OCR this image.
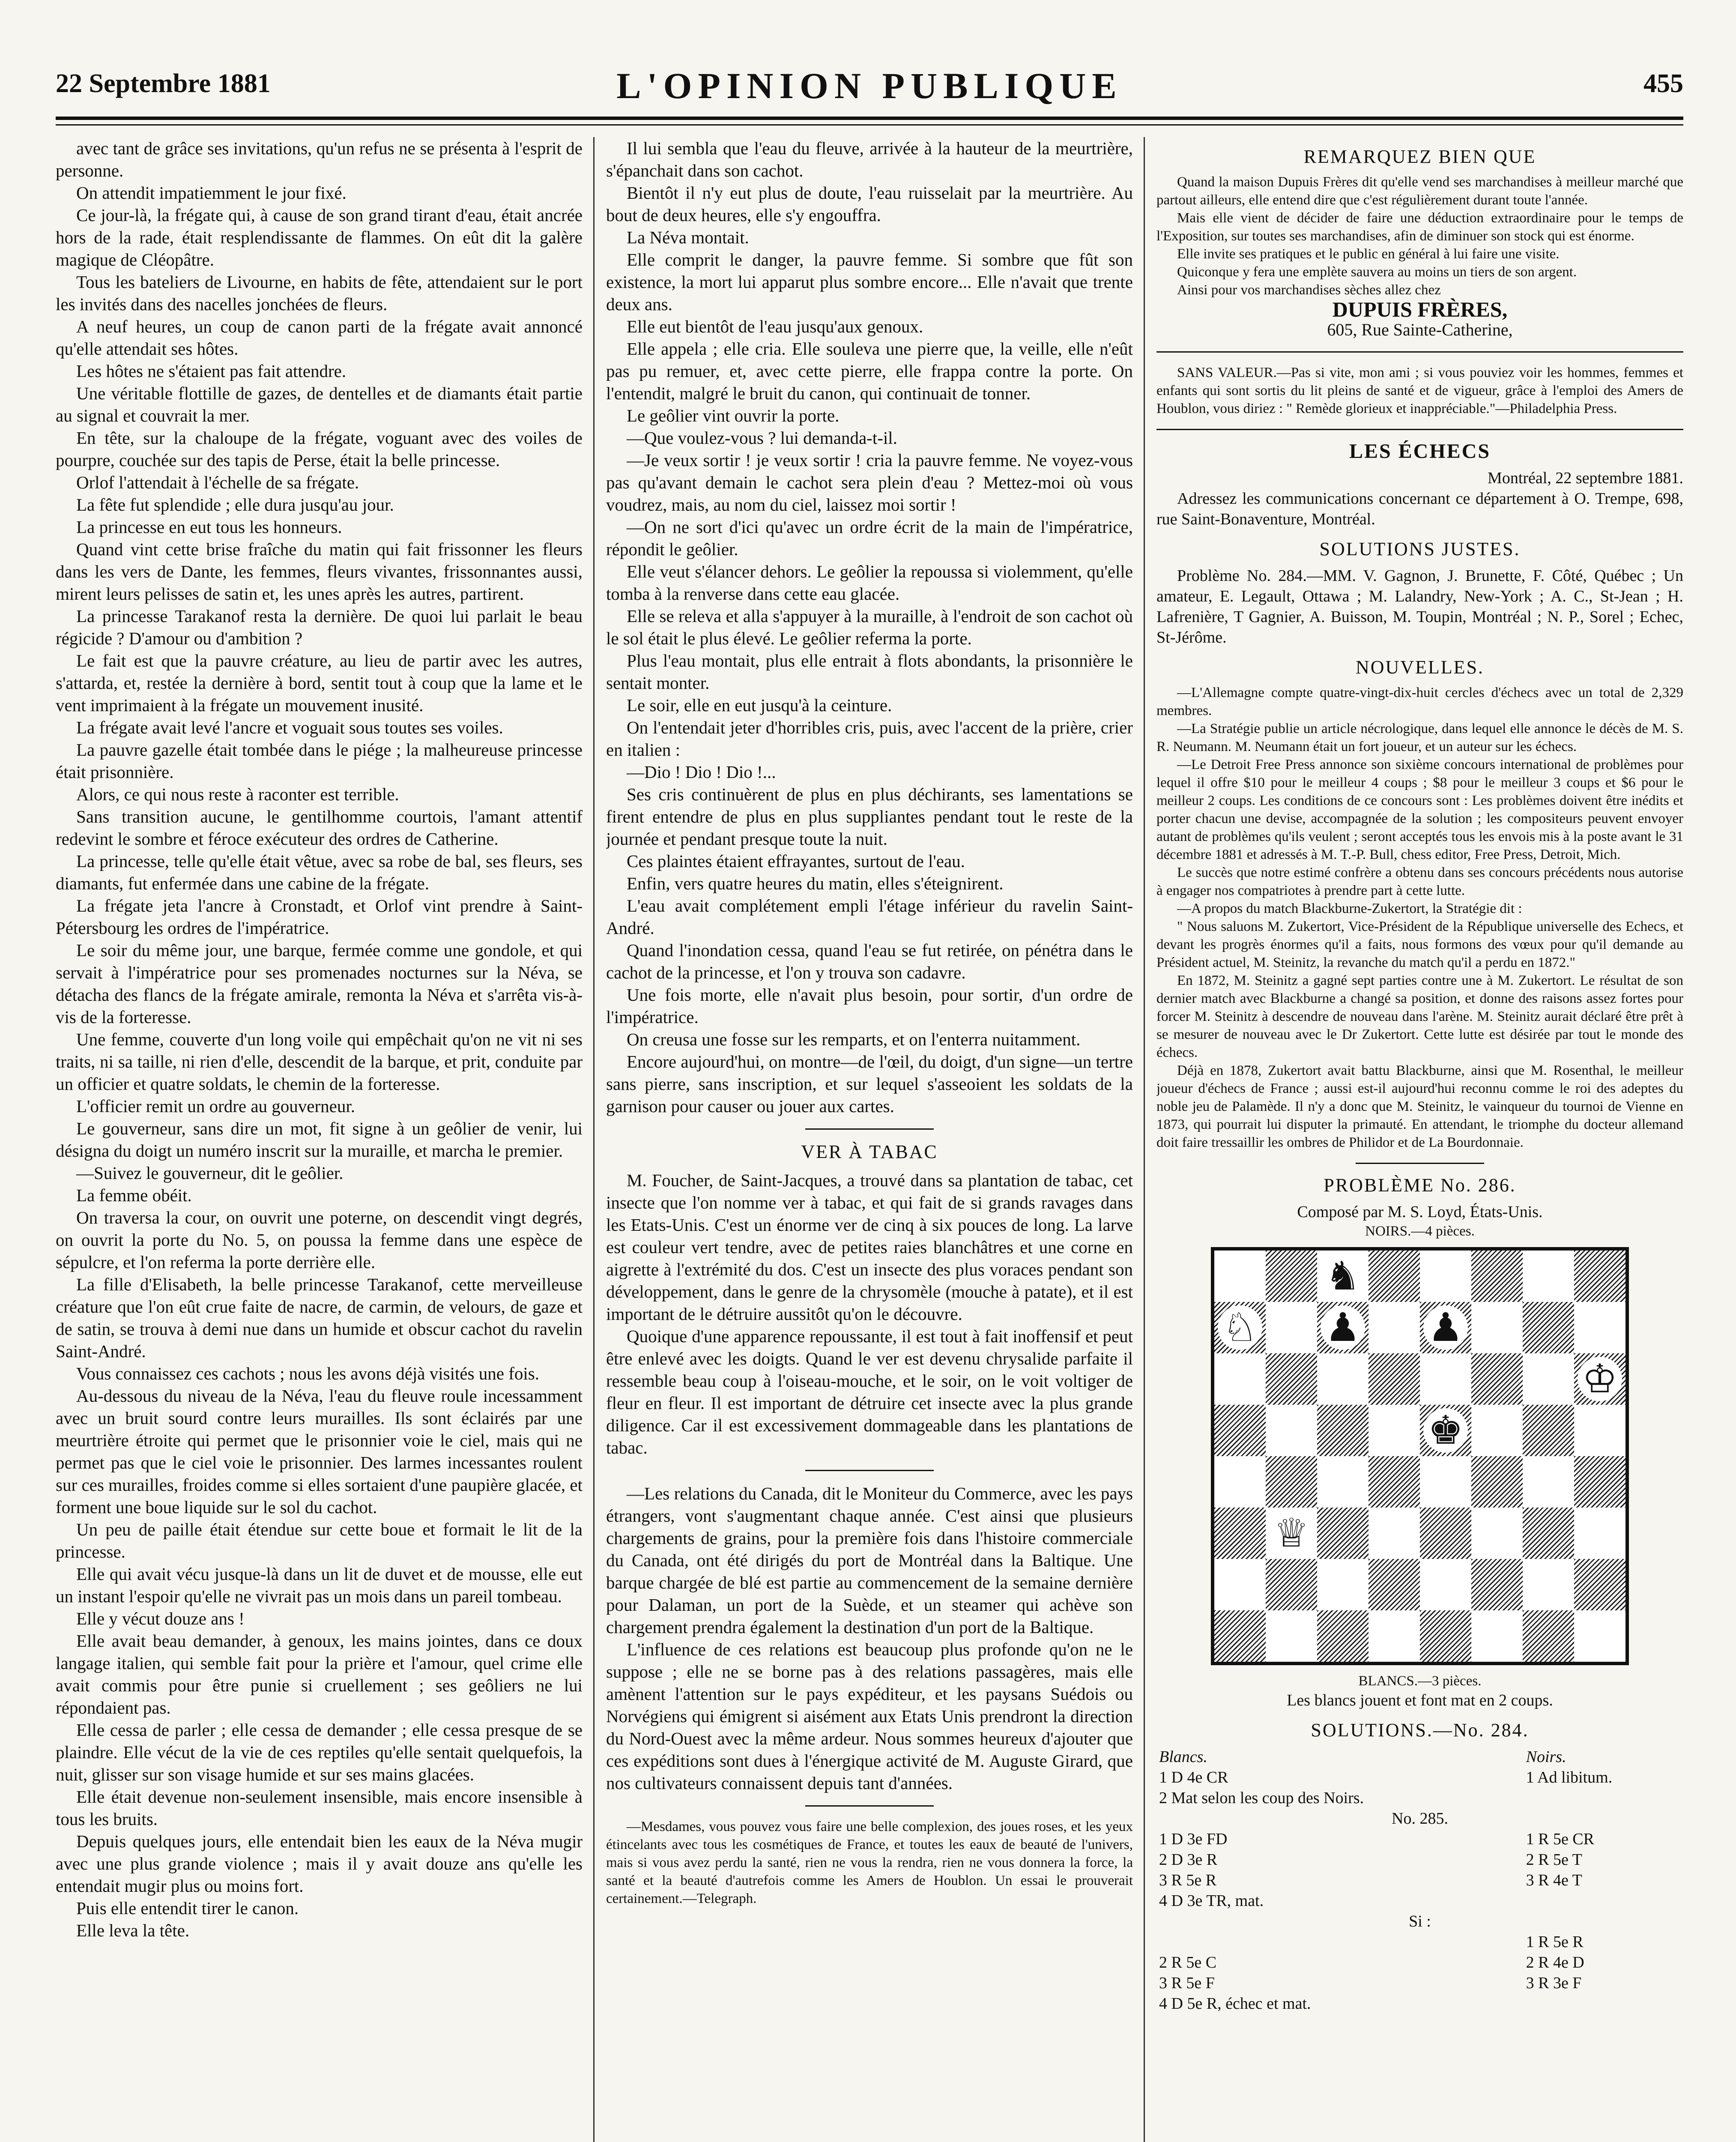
22 Septembre 1881	L'OPINION PUBLIQUE	455

avec tant de grâce ses invitations, qu'un refus ne se présenta à l'esprit de personne.

On attendit impatiemment le jour fixé.

Ce jour-là, la frégate qui, à cause de son grand tirant d'eau, était ancrée hors de la rade, était resplendissante de flammes. On eût dit la galère magique de Cléopâtre.

Tous les bateliers de Livourne, en habits de fête, attendaient sur le port les invités dans des nacelles jonchées de fleurs.

A neuf heures, un coup de canon parti de la frégate avait annoncé qu'elle attendait ses hôtes.

Les hôtes ne s'étaient pas fait attendre.

Une véritable flottille de gazes, de dentelles et de diamants était partie au signal et couvrait la mer.

En tête, sur la chaloupe de la frégate, voguant avec des voiles de pourpre, couchée sur des tapis de Perse, était la belle princesse.

Orlof l'attendait à l'échelle de sa frégate.

La fête fut splendide ; elle dura jusqu'au jour.

La princesse en eut tous les honneurs.

Quand vint cette brise fraîche du matin qui fait frissonner les fleurs dans les vers de Dante, les femmes, fleurs vivantes, frissonnantes aussi, mirent leurs pelisses de satin et, les unes après les autres, partirent.

La princesse Tarakanof resta la dernière. De quoi lui parlait le beau régicide ? D'amour ou d'ambition ?

Le fait est que la pauvre créature, au lieu de partir avec les autres, s'attarda, et, restée la dernière à bord, sentit tout à coup que la lame et le vent imprimaient à la frégate un mouvement inusité.

La frégate avait levé l'ancre et voguait sous toutes ses voiles.

La pauvre gazelle était tombée dans le piége ; la malheureuse princesse était prisonnière.

Alors, ce qui nous reste à raconter est terrible.

Sans transition aucune, le gentilhomme courtois, l'amant attentif redevint le sombre et féroce exécuteur des ordres de Catherine.

La princesse, telle qu'elle était vêtue, avec sa robe de bal, ses fleurs, ses diamants, fut enfermée dans une cabine de la frégate.

La frégate jeta l'ancre à Cronstadt, et Orlof vint prendre à Saint-Pétersbourg les ordres de l'impératrice.

Le soir du même jour, une barque, fermée comme une gondole, et qui servait à l'impératrice pour ses promenades nocturnes sur la Néva, se détacha des flancs de la frégate amirale, remonta la Néva et s'arrêta vis-à-vis de la forteresse.

Une femme, couverte d'un long voile qui empêchait qu'on ne vit ni ses traits, ni sa taille, ni rien d'elle, descendit de la barque, et prit, conduite par un officier et quatre soldats, le chemin de la forteresse.

L'officier remit un ordre au gouverneur.

Le gouverneur, sans dire un mot, fit signe à un geôlier de venir, lui désigna du doigt un numéro inscrit sur la muraille, et marcha le premier.

—Suivez le gouverneur, dit le geôlier.

La femme obéit.

On traversa la cour, on ouvrit une poterne, on descendit vingt degrés, on ouvrit la porte du No. 5, on poussa la femme dans une espèce de sépulcre, et l'on referma la porte derrière elle.

La fille d'Elisabeth, la belle princesse Tarakanof, cette merveilleuse créature que l'on eût crue faite de nacre, de carmin, de velours, de gaze et de satin, se trouva à demi nue dans un humide et obscur cachot du ravelin Saint-André.

Vous connaissez ces cachots ; nous les avons déjà visités une fois.

Au-dessous du niveau de la Néva, l'eau du fleuve roule incessamment avec un bruit sourd contre leurs murailles. Ils sont éclairés par une meurtrière étroite qui permet que le prisonnier voie le ciel, mais qui ne permet pas que le ciel voie le prisonnier. Des larmes incessantes roulent sur ces murailles, froides comme si elles sortaient d'une paupière glacée, et forment une boue liquide sur le sol du cachot.

Un peu de paille était étendue sur cette boue et formait le lit de la princesse.

Elle qui avait vécu jusque-là dans un lit de duvet et de mousse, elle eut un instant l'espoir qu'elle ne vivrait pas un mois dans un pareil tombeau.

Elle y vécut douze ans !

Elle avait beau demander, à genoux, les mains jointes, dans ce doux langage italien, qui semble fait pour la prière et l'amour, quel crime elle avait commis pour être punie si cruellement ; ses geôliers ne lui répondaient pas.

Elle cessa de parler ; elle cessa de demander ; elle cessa presque de se plaindre. Elle vécut de la vie de ces reptiles qu'elle sentait quelquefois, la nuit, glisser sur son visage humide et sur ses mains glacées.

Elle était devenue non-seulement insensible, mais encore insensible à tous les bruits.

Depuis quelques jours, elle entendait bien les eaux de la Néva mugir avec une plus grande violence ; mais il y avait douze ans qu'elle les entendait mugir plus ou moins fort.

Puis elle entendit tirer le canon.

Elle leva la tête.

Il lui sembla que l'eau du fleuve, arrivée à la hauteur de la meurtrière, s'épanchait dans son cachot.

Bientôt il n'y eut plus de doute, l'eau ruisselait par la meurtrière. Au bout de deux heures, elle s'y engouffra.

La Néva montait.

Elle comprit le danger, la pauvre femme. Si sombre que fût son existence, la mort lui apparut plus sombre encore... Elle n'avait que trente deux ans.

Elle eut bientôt de l'eau jusqu'aux genoux.

Elle appela ; elle cria. Elle souleva une pierre que, la veille, elle n'eût pas pu remuer, et, avec cette pierre, elle frappa contre la porte. On l'entendit, malgré le bruit du canon, qui continuait de tonner.

Le geôlier vint ouvrir la porte.

—Que voulez-vous ? lui demanda-t-il.

—Je veux sortir ! je veux sortir ! cria la pauvre femme. Ne voyez-vous pas qu'avant demain le cachot sera plein d'eau ? Mettez-moi où vous voudrez, mais, au nom du ciel, laissez moi sortir !

—On ne sort d'ici qu'avec un ordre écrit de la main de l'impératrice, répondit le geôlier.

Elle veut s'élancer dehors. Le geôlier la repoussa si violemment, qu'elle tomba à la renverse dans cette eau glacée.

Elle se releva et alla s'appuyer à la muraille, à l'endroit de son cachot où le sol était le plus élevé. Le geôlier referma la porte.

Plus l'eau montait, plus elle entrait à flots abondants, la prisonnière le sentait monter.

Le soir, elle en eut jusqu'à la ceinture.

On l'entendait jeter d'horribles cris, puis, avec l'accent de la prière, crier en italien :

—Dio ! Dio ! Dio !...

Ses cris continuèrent de plus en plus déchirants, ses lamentations se firent entendre de plus en plus suppliantes pendant tout le reste de la journée et pendant presque toute la nuit.

Ces plaintes étaient effrayantes, surtout de l'eau.

Enfin, vers quatre heures du matin, elles s'éteignirent.

L'eau avait complétement empli l'étage inférieur du ravelin Saint-André.

Quand l'inondation cessa, quand l'eau se fut retirée, on pénétra dans le cachot de la princesse, et l'on y trouva son cadavre.

Une fois morte, elle n'avait plus besoin, pour sortir, d'un ordre de l'impératrice.

On creusa une fosse sur les remparts, et on l'enterra nuitamment.

Encore aujourd'hui, on montre—de l'œil, du doigt, d'un signe—un tertre sans pierre, sans inscription, et sur lequel s'asseoient les soldats de la garnison pour causer ou jouer aux cartes.

VER À TABAC

M. Foucher, de Saint-Jacques, a trouvé dans sa plantation de tabac, cet insecte que l'on nomme ver à tabac, et qui fait de si grands ravages dans les Etats-Unis. C'est un énorme ver de cinq à six pouces de long. La larve est couleur vert tendre, avec de petites raies blanchâtres et une corne en aigrette à l'extrémité du dos. C'est un insecte des plus voraces pendant son développement, dans le genre de la chrysomèle (mouche à patate), et il est important de le détruire aussitôt qu'on le découvre.

Quoique d'une apparence repoussante, il est tout à fait inoffensif et peut être enlevé avec les doigts. Quand le ver est devenu chrysalide parfaite il ressemble beau coup à l'oiseau-mouche, et le soir, on le voit voltiger de fleur en fleur. Il est important de détruire cet insecte avec la plus grande diligence. Car il est excessivement dommageable dans les plantations de tabac.

—Les relations du Canada, dit le Moniteur du Commerce, avec les pays étrangers, vont s'augmentant chaque année. C'est ainsi que plusieurs chargements de grains, pour la première fois dans l'histoire commerciale du Canada, ont été dirigés du port de Montréal dans la Baltique. Une barque chargée de blé est partie au commencement de la semaine dernière pour Dalaman, un port de la Suède, et un steamer qui achève son chargement prendra également la destination d'un port de la Baltique.

L'influence de ces relations est beaucoup plus profonde qu'on ne le suppose ; elle ne se borne pas à des relations passagères, mais elle amènent l'attention sur le pays expéditeur, et les paysans Suédois ou Norvégiens qui émigrent si aisément aux Etats Unis prendront la direction du Nord-Ouest avec la même ardeur. Nous sommes heureux d'ajouter que ces expéditions sont dues à l'énergique activité de M. Auguste Girard, que nos cultivateurs connaissent depuis tant d'années.

—Mesdames, vous pouvez vous faire une belle complexion, des joues roses, et les yeux étincelants avec tous les cosmétiques de France, et toutes les eaux de beauté de l'univers, mais si vous avez perdu la santé, rien ne vous la rendra, rien ne vous donnera la force, la santé et la beauté d'autrefois comme les Amers de Houblon. Un essai le prouverait certainement.—Telegraph.

REMARQUEZ BIEN QUE

Quand la maison Dupuis Frères dit qu'elle vend ses marchandises à meilleur marché que partout ailleurs, elle entend dire que c'est régulièrement durant toute l'année.

Mais elle vient de décider de faire une déduction extraordinaire pour le temps de l'Exposition, sur toutes ses marchandises, afin de diminuer son stock qui est énorme.

Elle invite ses pratiques et le public en général à lui faire une visite.

Quiconque y fera une emplète sauvera au moins un tiers de son argent.

Ainsi pour vos marchandises sèches allez chez

DUPUIS FRÈRES,
605, Rue Sainte-Catherine,

SANS VALEUR.—Pas si vite, mon ami ; si vous pouviez voir les hommes, femmes et enfants qui sont sortis du lit pleins de santé et de vigueur, grâce à l'emploi des Amers de Houblon, vous diriez : " Remède glorieux et inappréciable."—Philadelphia Press.

LES ÉCHECS
Montréal, 22 septembre 1881.

Adressez les communications concernant ce département à O. Trempe, 698, rue Saint-Bonaventure, Montréal.

SOLUTIONS JUSTES.

Problème No. 284.—MM. V. Gagnon, J. Brunette, F. Côté, Québec ; Un amateur, E. Legault, Ottawa ; M. Lalandry, New-York ; A. C., St-Jean ; H. Lafrenière, T Gagnier, A. Buisson, M. Toupin, Montréal ; N. P., Sorel ; Echec, St-Jérôme.

NOUVELLES.

—L'Allemagne compte quatre-vingt-dix-huit cercles d'échecs avec un total de 2,329 membres.

—La Stratégie publie un article nécrologique, dans lequel elle annonce le décès de M. S. R. Neumann. M. Neumann était un fort joueur, et un auteur sur les échecs.

—Le Detroit Free Press annonce son sixième concours international de problèmes pour lequel il offre $10 pour le meilleur 4 coups ; $8 pour le meilleur 3 coups et $6 pour le meilleur 2 coups. Les conditions de ce concours sont : Les problèmes doivent être inédits et porter chacun une devise, accompagnée de la solution ; les compositeurs peuvent envoyer autant de problèmes qu'ils veulent ; seront acceptés tous les envois mis à la poste avant le 31 décembre 1881 et adressés à M. T.-P. Bull, chess editor, Free Press, Detroit, Mich.

Le succès que notre estimé confrère a obtenu dans ses concours précédents nous autorise à engager nos compatriotes à prendre part à cette lutte.

—A propos du match Blackburne-Zukertort, la Stratégie dit :

" Nous saluons M. Zukertort, Vice-Président de la République universelle des Echecs, et devant les progrès énormes qu'il a faits, nous formons des vœux pour qu'il demande au Président actuel, M. Steinitz, la revanche du match qu'il a perdu en 1872."

En 1872, M. Steinitz a gagné sept parties contre une à M. Zukertort. Le résultat de son dernier match avec Blackburne a changé sa position, et donne des raisons assez fortes pour forcer M. Steinitz à descendre de nouveau dans l'arène. M. Steinitz aurait déclaré être prêt à se mesurer de nouveau avec le Dr Zukertort. Cette lutte est désirée par tout le monde des échecs.

Déjà en 1878, Zukertort avait battu Blackburne, ainsi que M. Rosenthal, le meilleur joueur d'échecs de France ; aussi est-il aujourd'hui reconnu comme le roi des adeptes du noble jeu de Palamède. Il n'y a donc que M. Steinitz, le vainqueur du tournoi de Vienne en 1873, qui pourrait lui disputer la primauté. En attendant, le triomphe du docteur allemand doit faire tressaillir les ombres de Philidor et de La Bourdonnaie.

PROBLÈME No. 286.
Composé par M. S. Loyd, États-Unis.
NOIRS.—4 pièces.
♞
♘ ♟ ♟
♔
♚
♕
BLANCS.—3 pièces.
Les blancs jouent et font mat en 2 coups.
SOLUTIONS.—No. 284.
Blancs.	Noirs.
1 D 4e CR	1 Ad libitum.
2 Mat selon les coup des Noirs.	
No. 285.	
1 D 3e FD	1 R 5e CR
2 D 3e R	2 R 5e T
3 R 5e R	3 R 4e T
4 D 3e TR, mat.	
Si :	
	1 R 5e R
2 R 5e C	2 R 4e D
3 R 5e F	3 R 3e F
4 D 5e R, échec et mat.	
